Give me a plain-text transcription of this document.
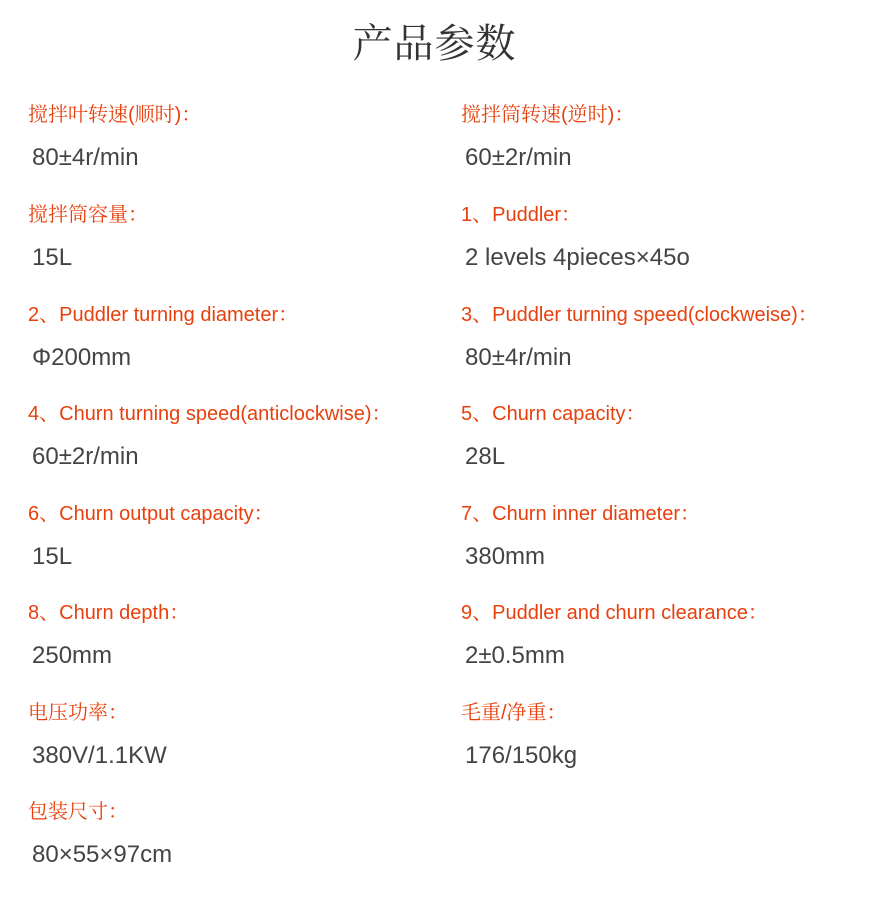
产品参数
搅拌叶转速(顺时)：
80±4r/min
搅拌筒转速(逆时)：
60±2r/min
搅拌筒容量：
15L
1、Puddler：
2 levels 4pieces×45o
2、Puddler turning diameter：
Φ200mm
3、Puddler turning speed(clockweise)：
80±4r/min
4、Churn turning speed(anticlockwise)：
60±2r/min
5、Churn capacity：
28L
6、Churn output capacity：
15L
7、Churn inner diameter：
380mm
8、Churn depth：
250mm
9、Puddler and churn clearance：
2±0.5mm
电压功率：
380V/1.1KW
毛重/净重：
176/150kg
包装尺寸：
80×55×97cm
